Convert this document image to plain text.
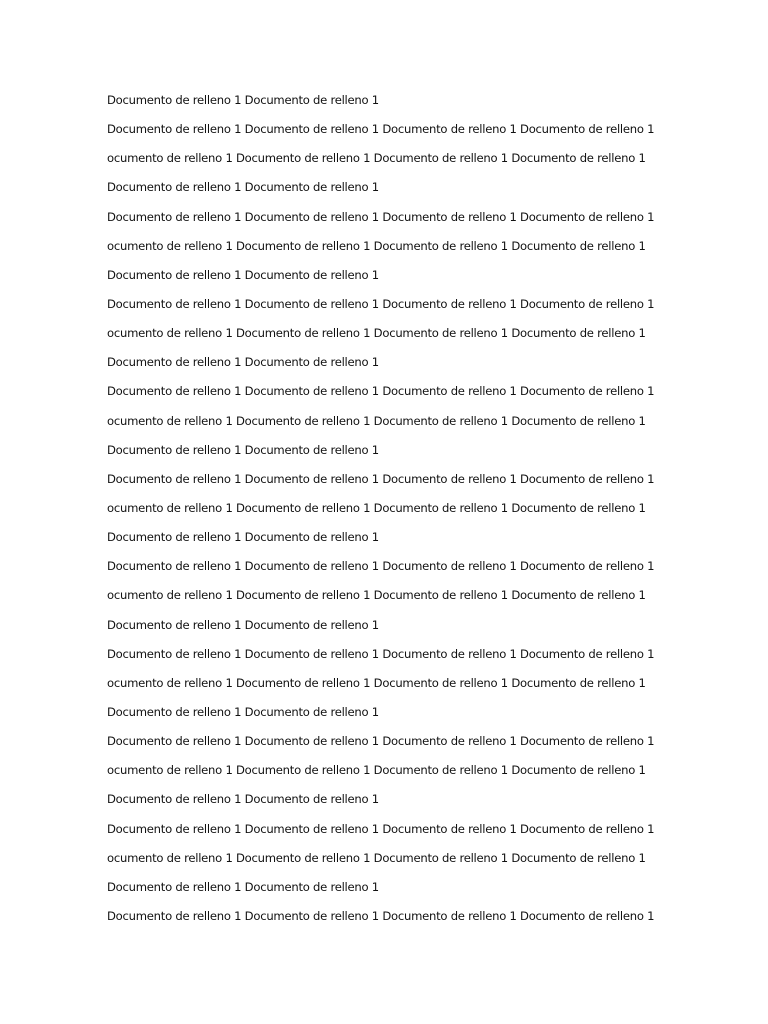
Documento de relleno 1 Documento de relleno 1
Documento de relleno 1 Documento de relleno 1 Documento de relleno 1 Documento de relleno 1
ocumento de relleno 1 Documento de relleno 1 Documento de relleno 1 Documento de relleno 1
Documento de relleno 1 Documento de relleno 1
Documento de relleno 1 Documento de relleno 1 Documento de relleno 1 Documento de relleno 1
ocumento de relleno 1 Documento de relleno 1 Documento de relleno 1 Documento de relleno 1
Documento de relleno 1 Documento de relleno 1
Documento de relleno 1 Documento de relleno 1 Documento de relleno 1 Documento de relleno 1
ocumento de relleno 1 Documento de relleno 1 Documento de relleno 1 Documento de relleno 1
Documento de relleno 1 Documento de relleno 1
Documento de relleno 1 Documento de relleno 1 Documento de relleno 1 Documento de relleno 1
ocumento de relleno 1 Documento de relleno 1 Documento de relleno 1 Documento de relleno 1
Documento de relleno 1 Documento de relleno 1
Documento de relleno 1 Documento de relleno 1 Documento de relleno 1 Documento de relleno 1
ocumento de relleno 1 Documento de relleno 1 Documento de relleno 1 Documento de relleno 1
Documento de relleno 1 Documento de relleno 1
Documento de relleno 1 Documento de relleno 1 Documento de relleno 1 Documento de relleno 1
ocumento de relleno 1 Documento de relleno 1 Documento de relleno 1 Documento de relleno 1
Documento de relleno 1 Documento de relleno 1
Documento de relleno 1 Documento de relleno 1 Documento de relleno 1 Documento de relleno 1
ocumento de relleno 1 Documento de relleno 1 Documento de relleno 1 Documento de relleno 1
Documento de relleno 1 Documento de relleno 1
Documento de relleno 1 Documento de relleno 1 Documento de relleno 1 Documento de relleno 1
ocumento de relleno 1 Documento de relleno 1 Documento de relleno 1 Documento de relleno 1
Documento de relleno 1 Documento de relleno 1
Documento de relleno 1 Documento de relleno 1 Documento de relleno 1 Documento de relleno 1
ocumento de relleno 1 Documento de relleno 1 Documento de relleno 1 Documento de relleno 1
Documento de relleno 1 Documento de relleno 1
Documento de relleno 1 Documento de relleno 1 Documento de relleno 1 Documento de relleno 1
